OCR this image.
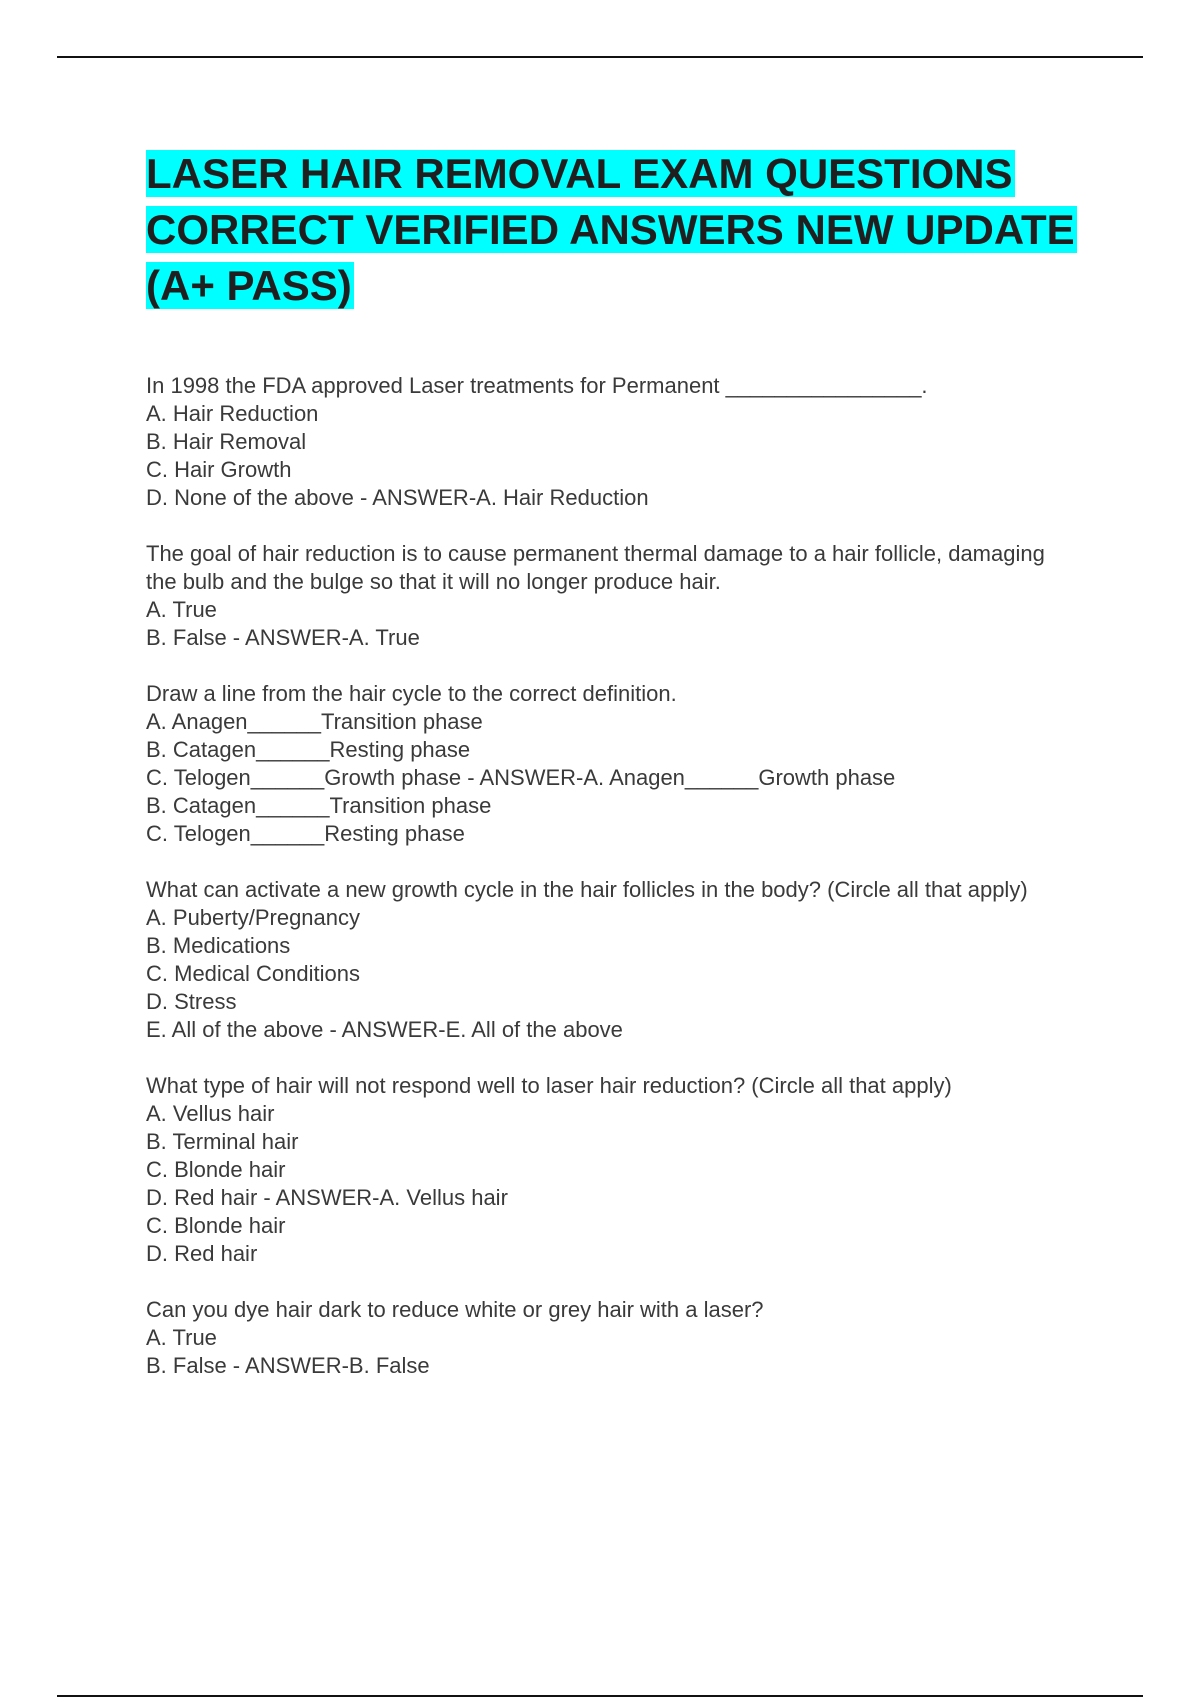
LASER HAIR REMOVAL EXAM QUESTIONS CORRECT VERIFIED ANSWERS NEW UPDATE (A+ PASS)
In 1998 the FDA approved Laser treatments for Permanent ________________.
A. Hair Reduction
B. Hair Removal
C. Hair Growth
D. None of the above - ANSWER-A. Hair Reduction
The goal of hair reduction is to cause permanent thermal damage to a hair follicle, damaging the bulb and the bulge so that it will no longer produce hair.
A. True
B. False - ANSWER-A. True
Draw a line from the hair cycle to the correct definition.
A. Anagen______Transition phase
B. Catagen______Resting phase
C. Telogen______Growth phase - ANSWER-A. Anagen______Growth phase
B. Catagen______Transition phase
C. Telogen______Resting phase
What can activate a new growth cycle in the hair follicles in the body? (Circle all that apply)
A. Puberty/Pregnancy
B. Medications
C. Medical Conditions
D. Stress
E. All of the above - ANSWER-E. All of the above
What type of hair will not respond well to laser hair reduction? (Circle all that apply)
A. Vellus hair
B. Terminal hair
C. Blonde hair
D. Red hair - ANSWER-A. Vellus hair
C. Blonde hair
D. Red hair
Can you dye hair dark to reduce white or grey hair with a laser?
A. True
B. False - ANSWER-B. False
